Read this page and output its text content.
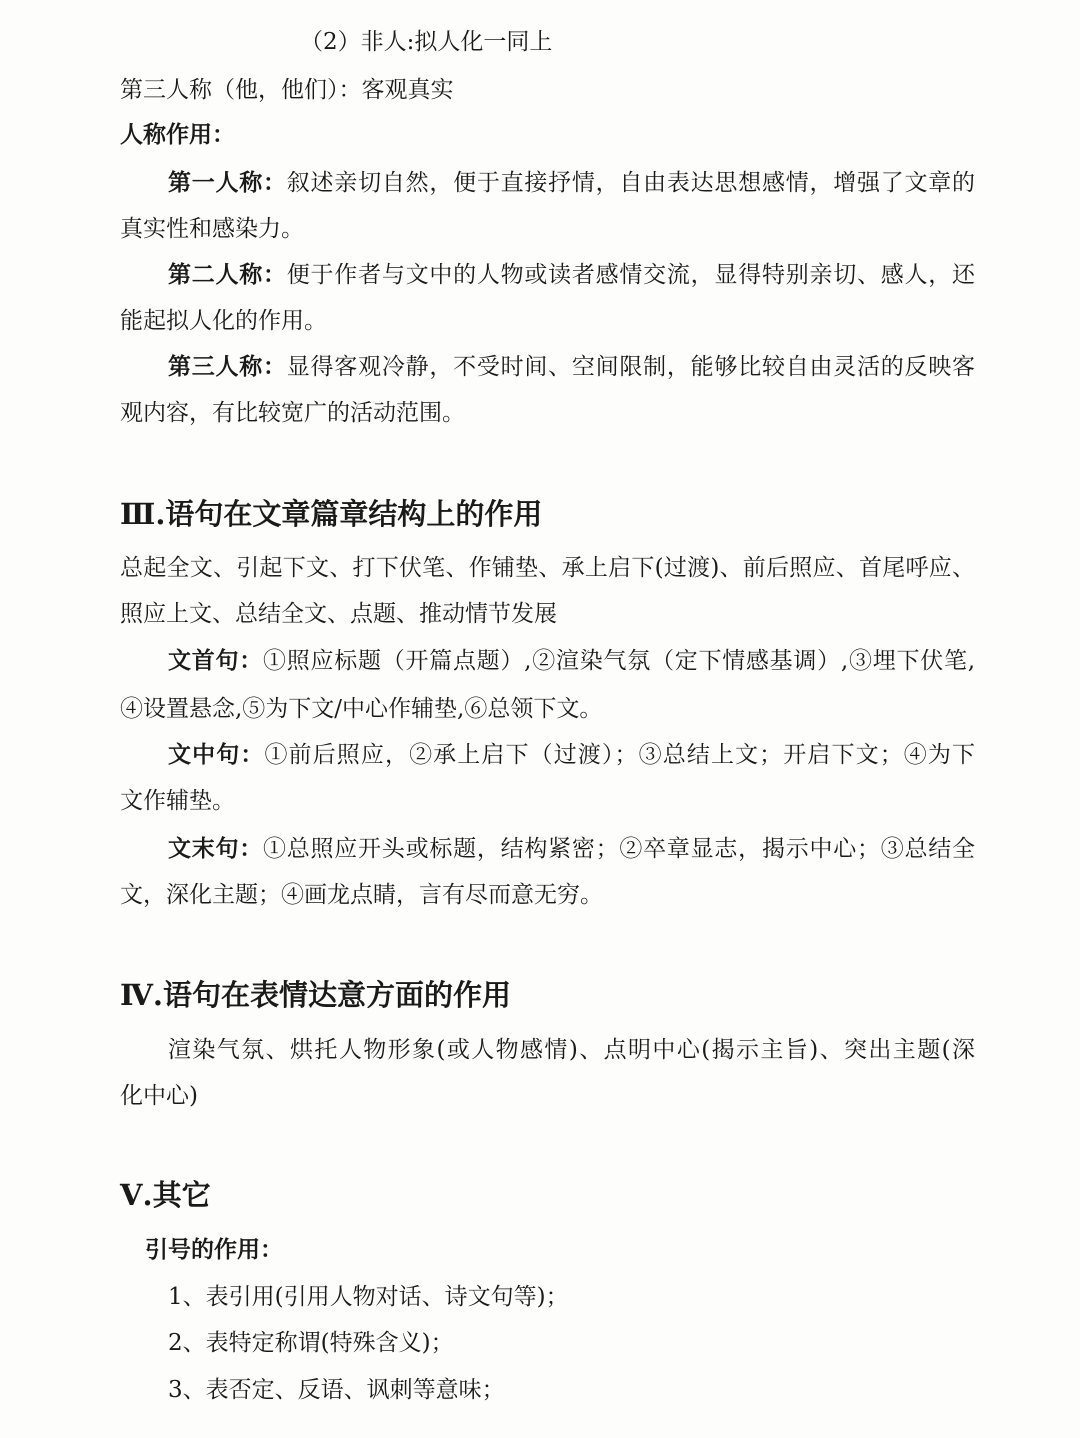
（2）非人:拟人化一同上
第三人称（他，他们）：客观真实
人称作用：
第一人称：叙述亲切自然，便于直接抒情，自由表达思想感情，增强了文章的
真实性和感染力。
第二人称：便于作者与文中的人物或读者感情交流，显得特别亲切、感人，还
能起拟人化的作用。
第三人称：显得客观冷静，不受时间、空间限制，能够比较自由灵活的反映客
观内容，有比较宽广的活动范围。
Ⅲ.语句在文章篇章结构上的作用
总起全文、引起下文、打下伏笔、作铺垫、承上启下(过渡)、前后照应、首尾呼应、
照应上文、总结全文、点题、推动情节发展
文首句：①照应标题（开篇点题）,②渲染气氛（定下情感基调）,③埋下伏笔,
④设置悬念,⑤为下文/中心作辅垫,⑥总领下文。
文中句：①前后照应，②承上启下（过渡）；③总结上文；开启下文；④为下
文作辅垫。
文末句：①总照应开头或标题，结构紧密；②卒章显志，揭示中心；③总结全
文，深化主题；④画龙点睛，言有尽而意无穷。
Ⅳ.语句在表情达意方面的作用
渲染气氛、烘托人物形象(或人物感情)、点明中心(揭示主旨)、突出主题(深
化中心)
Ⅴ.其它
引号的作用：
1、表引用(引用人物对话、诗文句等)；
2、表特定称谓(特殊含义)；
3、表否定、反语、讽刺等意味；
